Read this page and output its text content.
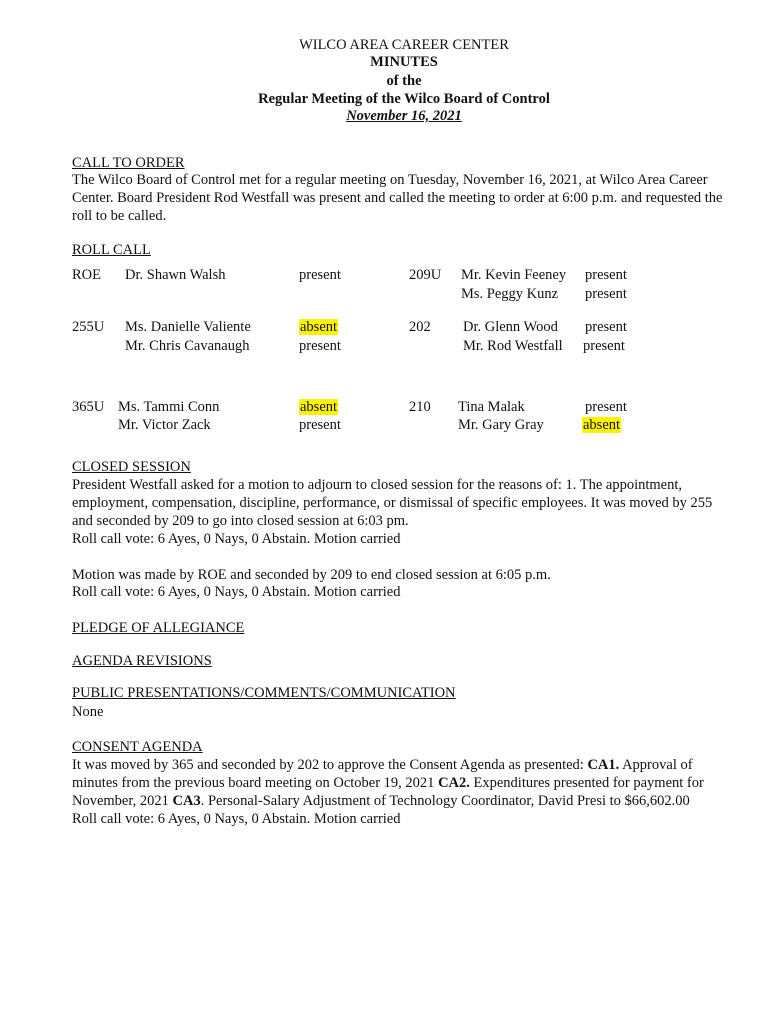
WILCO AREA CAREER CENTER
MINUTES
of the
Regular Meeting of the Wilco Board of Control
November 16, 2021
CALL TO ORDER
The Wilco Board of Control met for a regular meeting on Tuesday, November 16, 2021, at Wilco Area Career Center. Board President Rod Westfall was present and called the meeting to order at 6:00 p.m. and requested the roll to be called.
ROLL CALL
ROE Dr. Shawn Walsh	present
255U Ms. Danielle Valiente	absent
Mr. Chris Cavanaugh	present
365U Ms. Tammi Conn	absent
Mr. Victor Zack	present
209U Mr. Kevin Feeney present
Ms. Peggy Kunz present
202 Dr. Glenn Wood present
Mr. Rod Westfall present
210 Tina Malak	present
Mr. Gary Gray	absent
CLOSED SESSION
President Westfall asked for a motion to adjourn to closed session for the reasons of: 1. The appointment, employment, compensation, discipline, performance, or dismissal of specific employees. It was moved by 255 and seconded by 209 to go into closed session at 6:03 pm.
Roll call vote: 6 Ayes, 0 Nays, 0 Abstain. Motion carried
Motion was made by ROE and seconded by 209 to end closed session at 6:05 p.m.
Roll call vote: 6 Ayes, 0 Nays, 0 Abstain. Motion carried
PLEDGE OF ALLEGIANCE
AGENDA REVISIONS
PUBLIC PRESENTATIONS/COMMENTS/COMMUNICATION
None
CONSENT AGENDA
It was moved by 365 and seconded by 202 to approve the Consent Agenda as presented: CA1. Approval of minutes from the previous board meeting on October 19, 2021 CA2. Expenditures presented for payment for November, 2021 CA3. Personal-Salary Adjustment of Technology Coordinator, David Presi to $66,602.00
Roll call vote: 6 Ayes, 0 Nays, 0 Abstain. Motion carried
